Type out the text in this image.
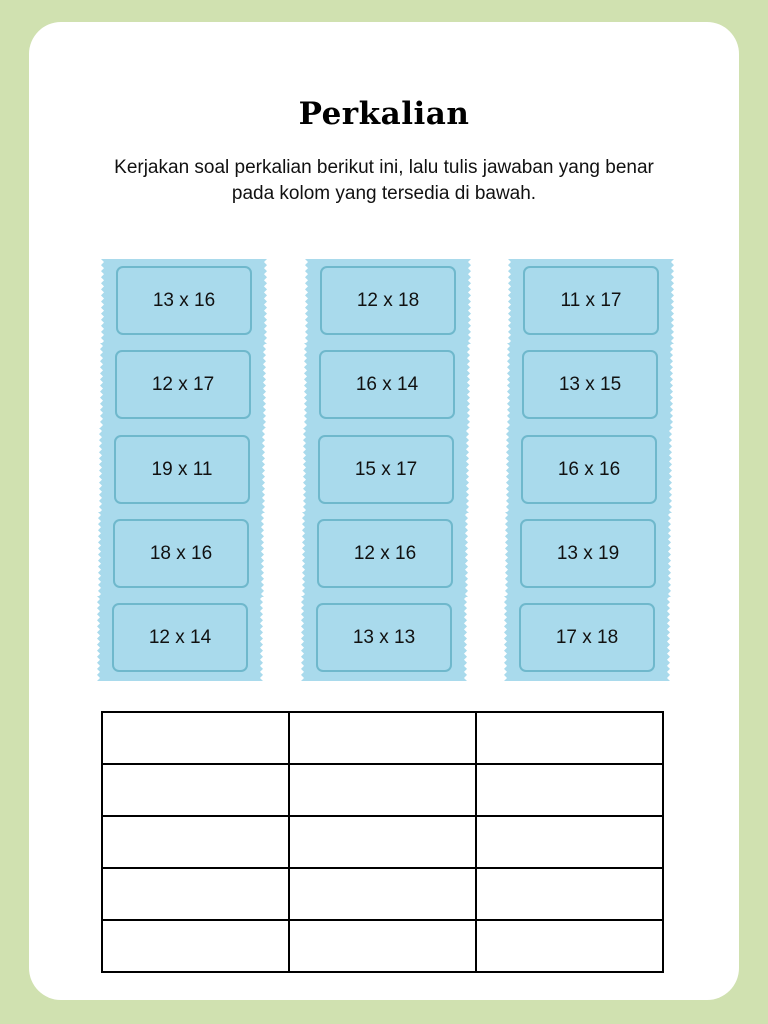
Perkalian

Kerjakan soal perkalian berikut ini, lalu tulis jawaban yang benar pada kolom yang tersedia di bawah.

13 x 16
12 x 17
19 x 11
18 x 16
12 x 14
12 x 18
16 x 14
15 x 17
12 x 16
13 x 13
11 x 17
13 x 15
16 x 16
13 x 19
17 x 18
